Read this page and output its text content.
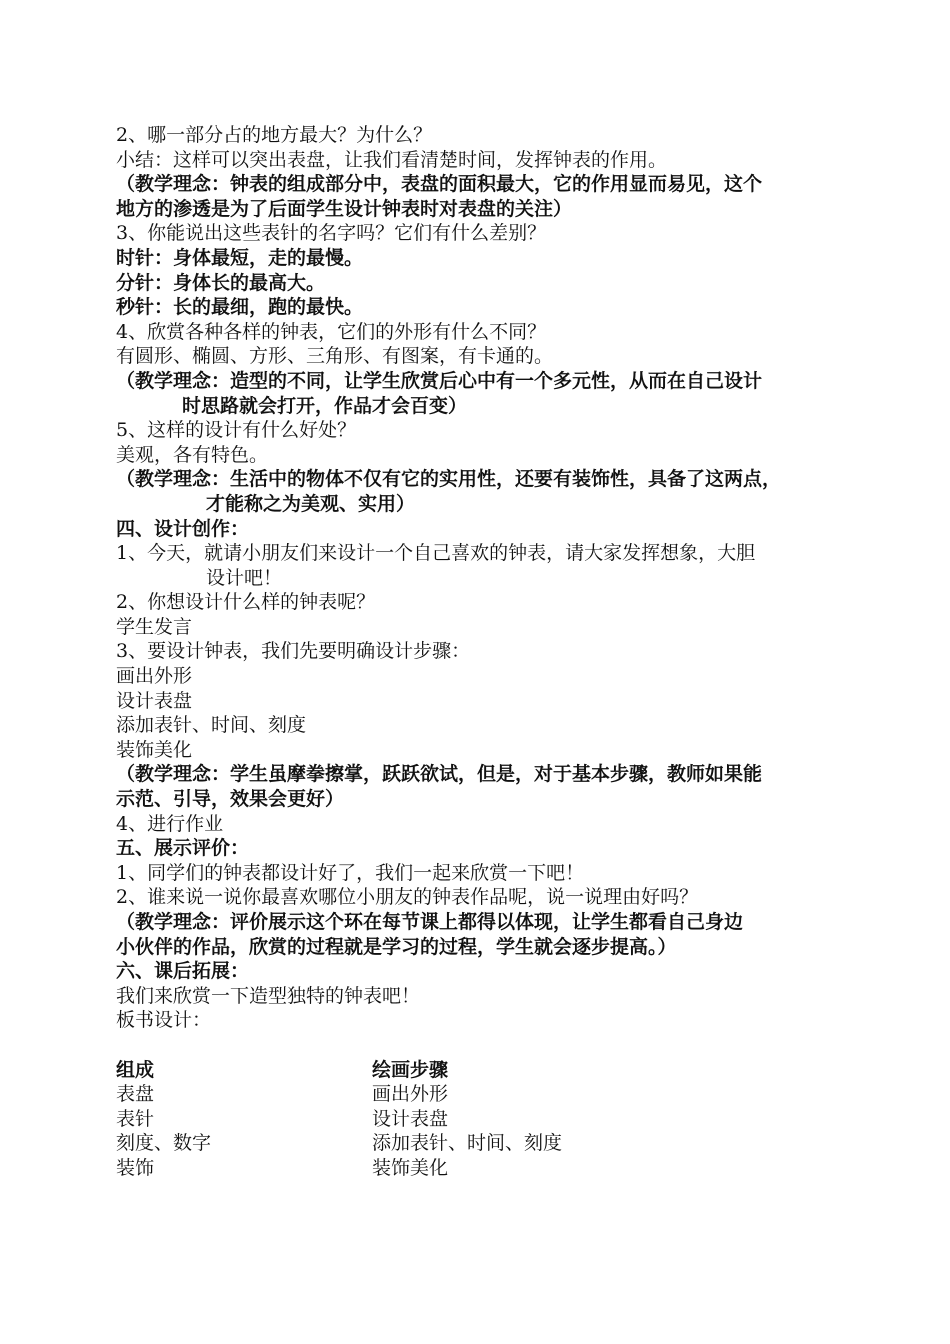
2、哪一部分占的地方最大？为什么？
小结：这样可以突出表盘，让我们看清楚时间，发挥钟表的作用。
（教学理念：钟表的组成部分中，表盘的面积最大，它的作用显而易见，这个
地方的渗透是为了后面学生设计钟表时对表盘的关注）
3、你能说出这些表针的名字吗？它们有什么差别？
时针：身体最短，走的最慢。
分针：身体长的最高大。
秒针：长的最细，跑的最快。
4、欣赏各种各样的钟表，它们的外形有什么不同？
有圆形、椭圆、方形、三角形、有图案，有卡通的。
（教学理念：造型的不同，让学生欣赏后心中有一个多元性，从而在自己设计
时思路就会打开，作品才会百变）
5、这样的设计有什么好处？
美观，各有特色。
（教学理念：生活中的物体不仅有它的实用性，还要有装饰性，具备了这两点，
才能称之为美观、实用）
四、设计创作：
1、今天，就请小朋友们来设计一个自己喜欢的钟表，请大家发挥想象，大胆
设计吧！
2、你想设计什么样的钟表呢？
学生发言
3、要设计钟表，我们先要明确设计步骤：
画出外形
设计表盘
添加表针、时间、刻度
装饰美化
（教学理念：学生虽摩拳擦掌，跃跃欲试，但是，对于基本步骤，教师如果能
示范、引导，效果会更好）
4、进行作业
五、展示评价：
1、同学们的钟表都设计好了，我们一起来欣赏一下吧！
2、谁来说一说你最喜欢哪位小朋友的钟表作品呢，说一说理由好吗？
（教学理念：评价展示这个环在每节课上都得以体现，让学生都看自己身边
小伙伴的作品，欣赏的过程就是学习的过程，学生就会逐步提高。）
六、课后拓展：
我们来欣赏一下造型独特的钟表吧！
板书设计：
组成	绘画步骤
表盘	画出外形
表针	设计表盘
刻度、数字	添加表针、时间、刻度
装饰	装饰美化
